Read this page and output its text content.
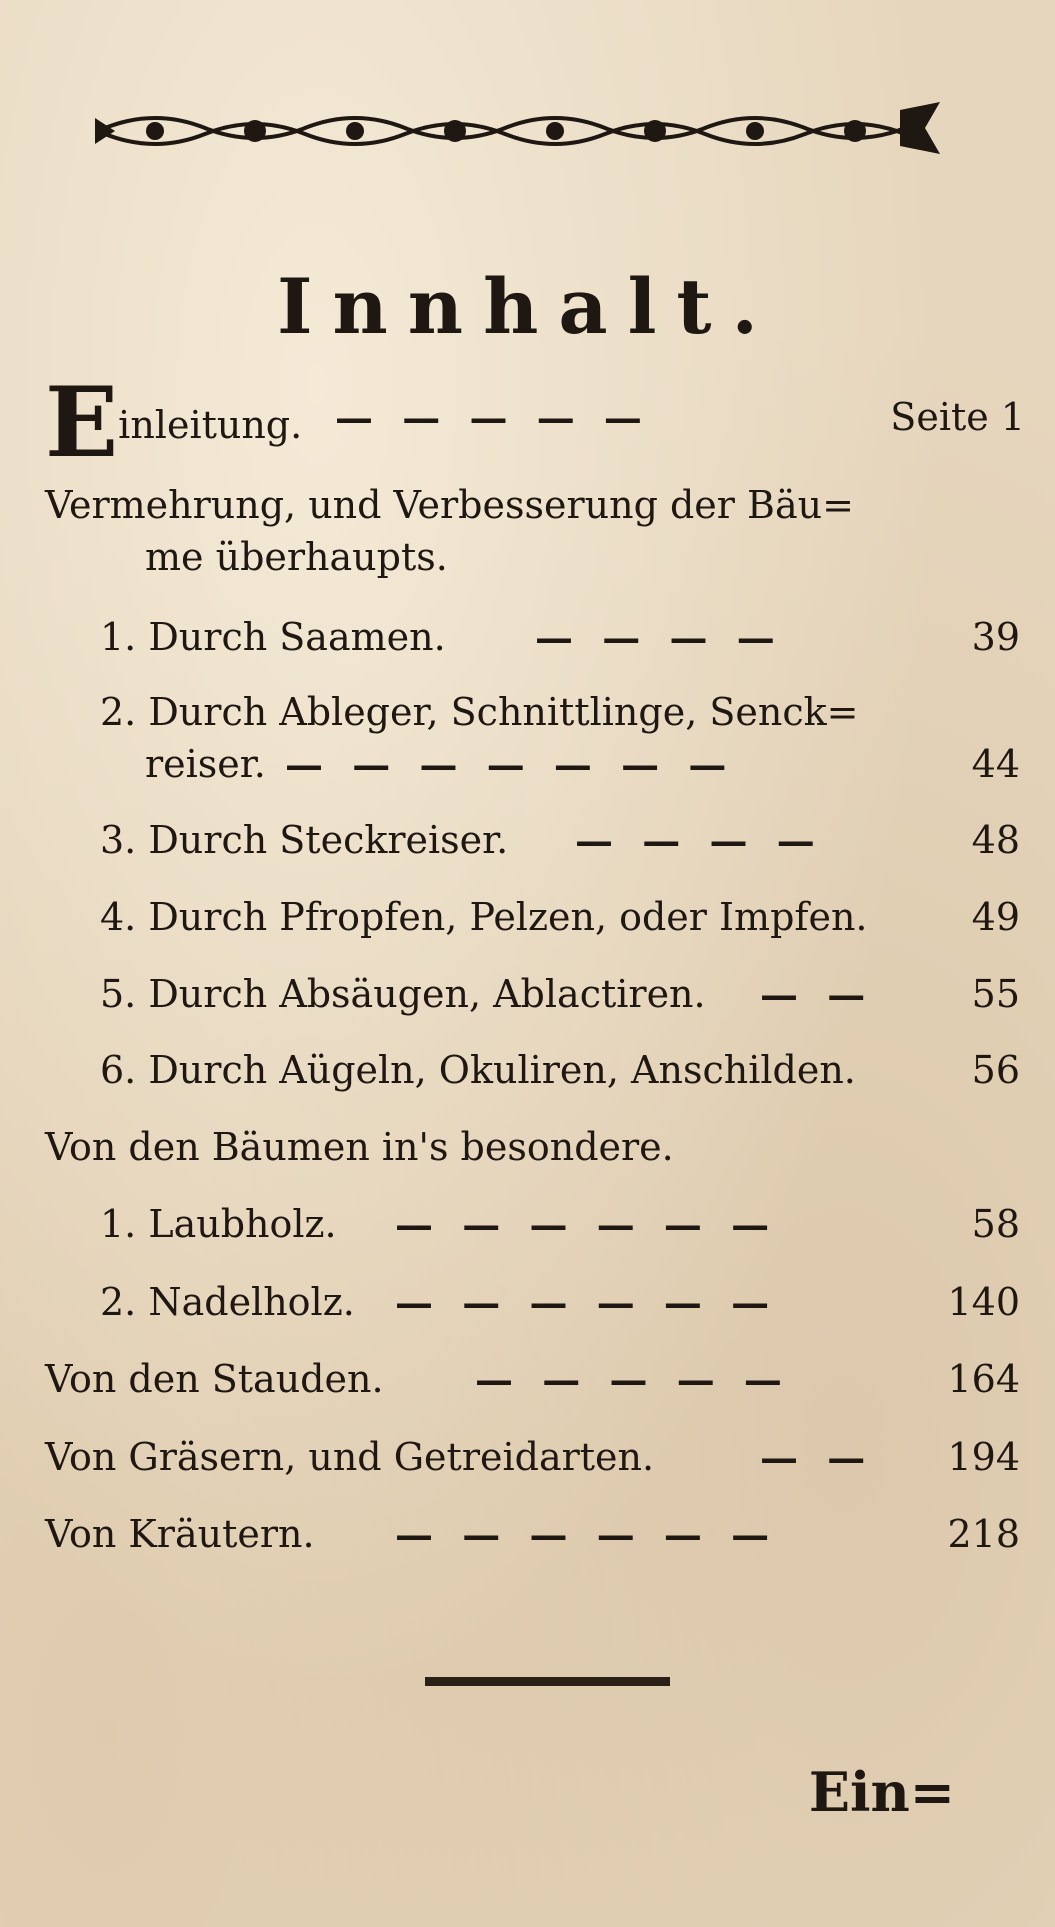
Innhalt.
Einleitung. — — — — —	Seite 1
Vermehrung, und Verbesserung der Bäu=
me überhaupts.
1. Durch Saamen. — — — —	39
2. Durch Ableger, Schnittlinge, Senck=
reiser. — — — — — — —	44
3. Durch Steckreiser. — — — —	48
4. Durch Pfropfen, Pelzen, oder Impfen.	49
5. Durch Absäugen, Ablactiren. — —	55
6. Durch Aügeln, Okuliren, Anschilden.	56
Von den Bäumen in's besondere.
1. Laubholz. — — — — — —	58
2. Nadelholz. — — — — — —	140
Von den Stauden. — — — — —	164
Von Gräsern, und Getreidarten.	— — 194
Von Kräutern. — — — — — —	218
Ein=
